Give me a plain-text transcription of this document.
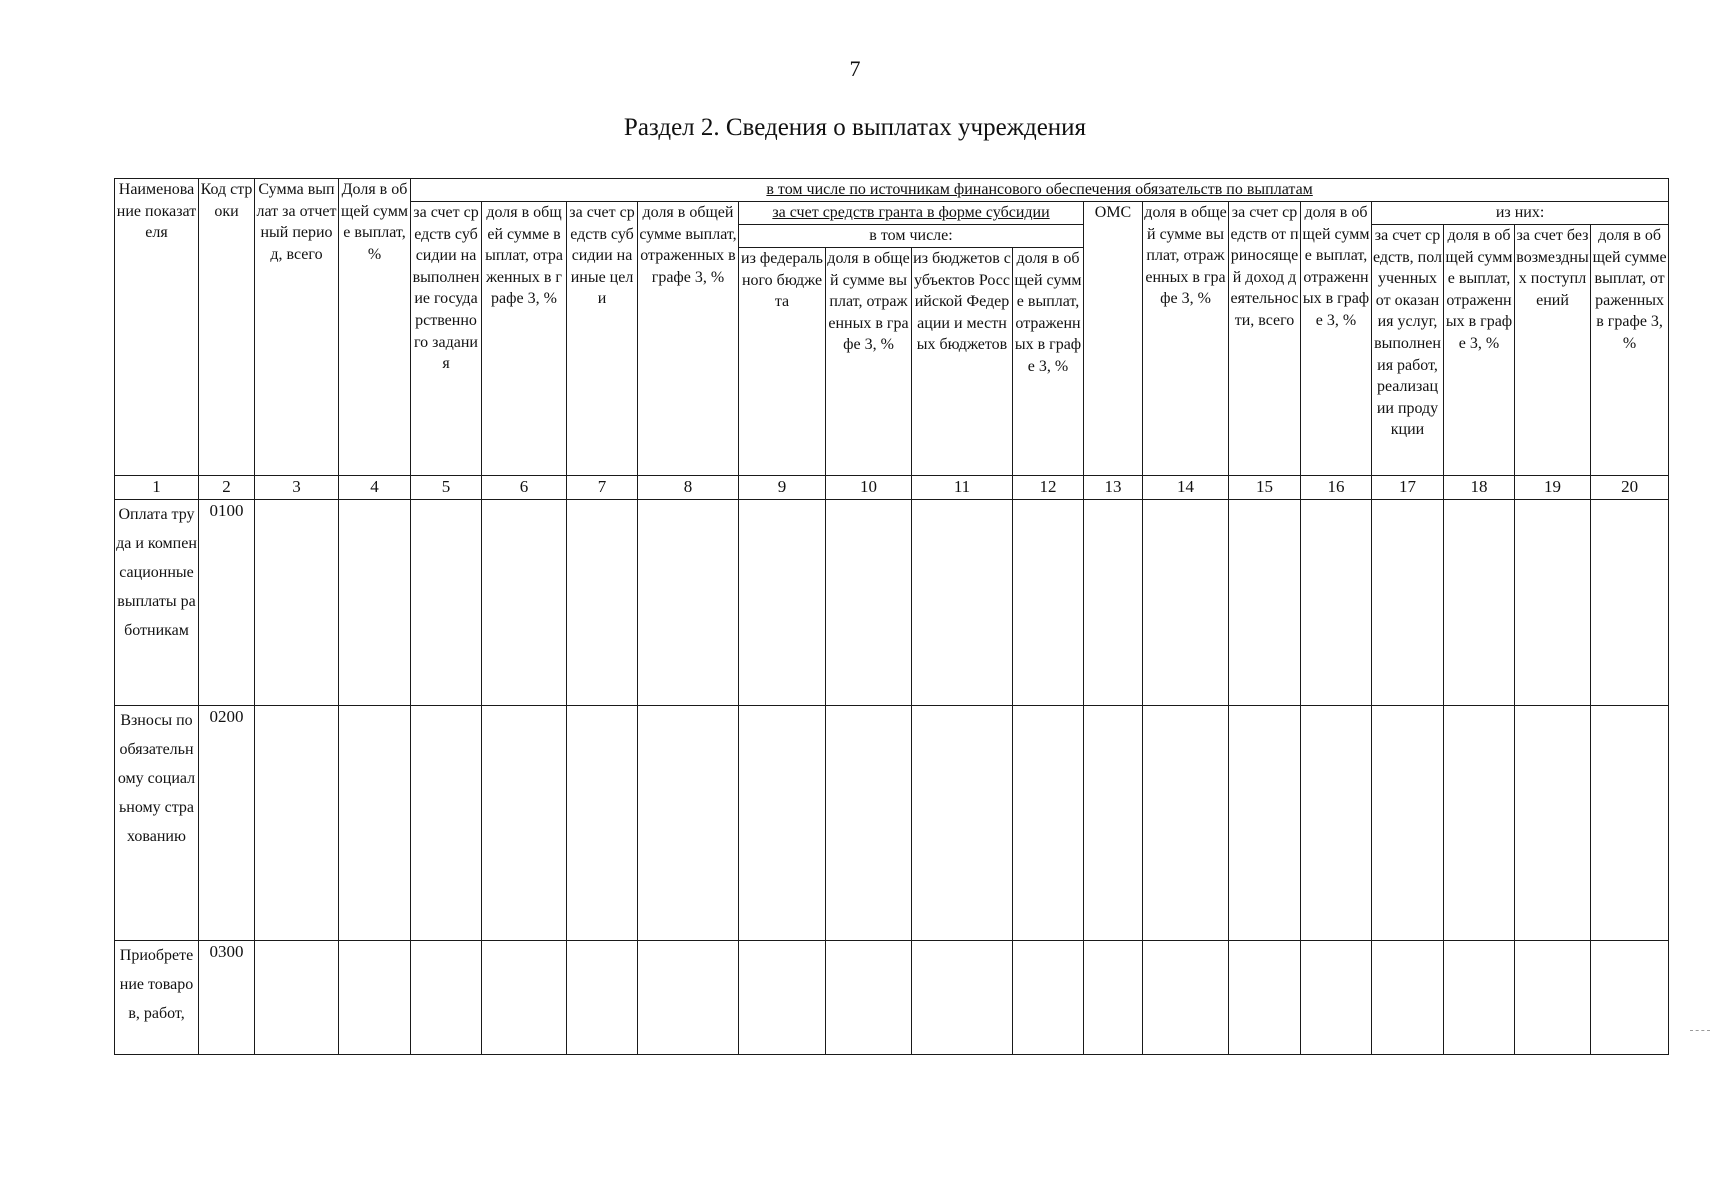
7
Раздел 2. Сведения о выплатах учреждения
Наименование показателя	Код строки	Сумма выплат за отчетный период, всего	Доля в общей сумме выплат, %	в том числе по источникам финансового обеспечения обязательств по выплатам															
				за счет средств субсидии на выполнение государственного задания	доля в общей сумме выплат, отраженных в графе 3, %	за счет средств субсидии на иные цели	доля в общей сумме выплат, отраженных в графе 3, %	за счет средств гранта в форме субсидии				ОМС	доля в общей сумме выплат, отраженных в графе 3, %	за счет средств от приносящей доход деятельности, всего	доля в общей сумме выплат, отраженных в графе 3, %	из них:			
								в том числе:								за счет средств, полученных от оказания услуг, выполнения работ, реализации продукции	доля в общей сумме выплат, отраженных в графе 3, %	за счет безвозмездных поступлений	доля в общей сумме выплат, отраженных в графе 3, %
								из федерального бюджета	доля в общей сумме выплат, отраженных в графе 3, %	из бюджетов субъектов Российской Федерации и местных бюджетов	доля в общей сумме выплат, отраженных в графе 3, %								
1	2	3	4	5	6	7	8	9	10	11	12	13	14	15	16	17	18	19	20
Оплата труда и компенсационные выплаты работникам	0100																		
Взносы по обязательному социальному страхованию	0200																		
Приобретение товаров, работ,	0300																		
